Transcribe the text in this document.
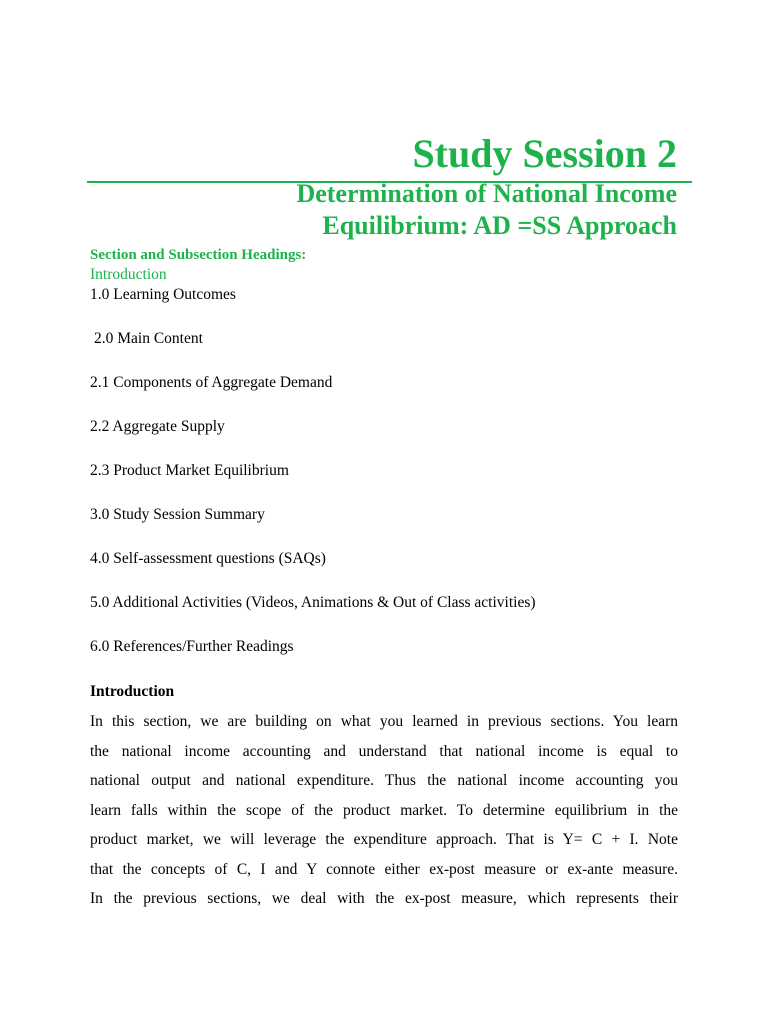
Study Session 2
Determination of National Income
Equilibrium: AD =SS Approach

Section and Subsection Headings:

Introduction
1.0 Learning Outcomes
2.0 Main Content
2.1 Components of Aggregate Demand
2.2 Aggregate Supply
2.3 Product Market Equilibrium
3.0 Study Session Summary
4.0 Self-assessment questions (SAQs)
5.0 Additional Activities (Videos, Animations & Out of Class activities)
6.0 References/Further Readings
Introduction
In this section, we are building on what you learned in previous sections. You learn
the national income accounting and understand that national income is equal to
national output and national expenditure. Thus the national income accounting you
learn falls within the scope of the product market. To determine equilibrium in the
product market, we will leverage the expenditure approach. That is Y= C + I. Note
that the concepts of C, I and Y connote either ex-post measure or ex-ante measure.
In the previous sections, we deal with the ex-post measure, which represents their
